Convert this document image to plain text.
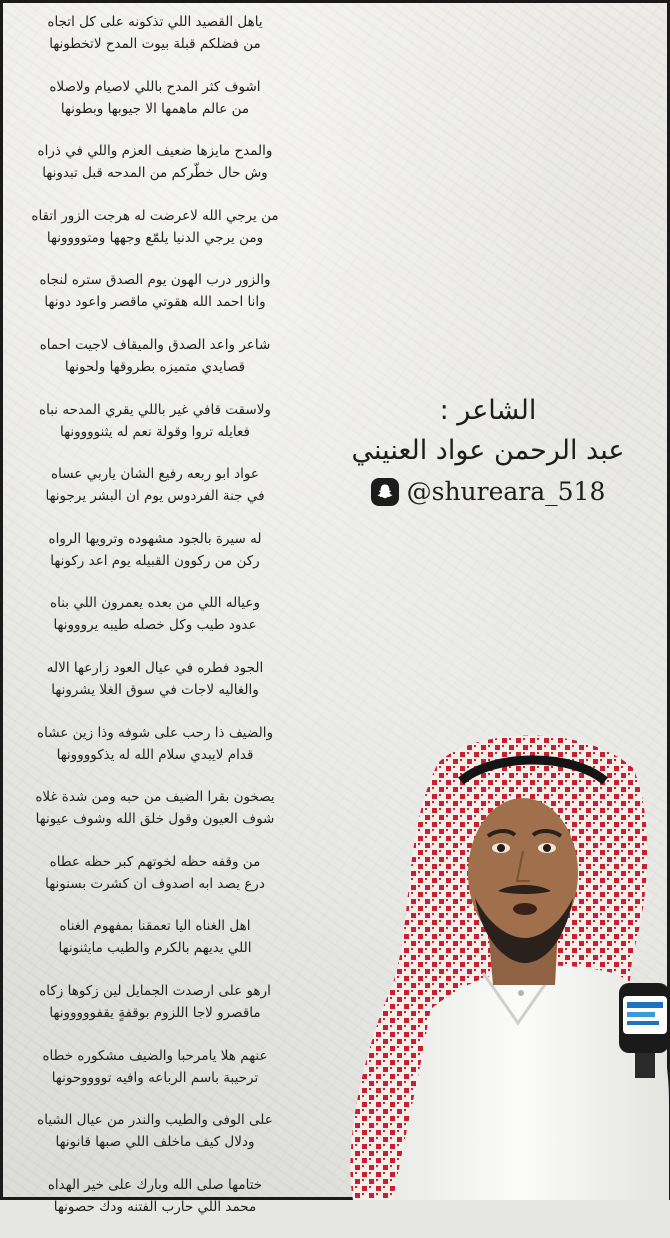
ياهل القصيد اللي تذكونه على كل اتجاه
من فضلكم قبلة بيوت المدح لاتخطونها
اشوف كثر المدح باللي لاصيام ولاصلاه
من عالم ماهمها الا جيوبها وبطونها
والمدح مايزها ضعيف العزم واللي في ذراه
وش حال خطّركم من المدحه قبل تبدونها
من يرجي الله لاعرضت له هرجت الزور اتقاه
ومن يرجي الدنيا يلمّع وجهها ومتوووونها
والزور درب الهون يوم الصدق ستره لنجاه
وانا احمد الله هقوتي ماقصر واعود دونها
شاعر واعد الصدق والميقاف لاجيت احماه
قصايدي متميزه بطروقها ولحونها
ولاسقت قافي غير باللي يقري المدحه نباه
فعايله تروا وقولة نعم له يثنوووونها
عواد ابو ربعه رفيع الشان ياربي عساه
في جنة الفردوس يوم ان البشر يرجونها
له سيرة بالجود مشهوده وترويها الرواه
ركن من ركوون القبيله يوم اعد ركونها
وعياله اللي من بعده يعمرون اللي بناه
عدود طيب وكل خصله طيبه يرووونها
الجود فطره في عيال العود زارعها الاله
والغاليه لاجات في سوق الغلا يشرونها
والضيف ذا رحب على شوفه وذا زين عشاه
قدام لايبدي سلام الله له يذكوووونها
يصخون بقرا الضيف من حبه ومن شدة غلاه
شوف العيون وقول خلق الله وشوف عيونها
من وقفه حظه لخوتهم كبر حظه عطاه
درع يصد ابه اصدوف ان كشرت بسنونها
اهل الغناه اليا تعمقنا بمفهوم الغناه
اللي يديهم بالكرم والطيب مايثنونها
ارهو على ارصدت الجمايل لين زكوها زكاه
ماقصرو لاجا اللزوم بوقفةٍ يقفووووونها
عنهم هلا يامرحبا والضيف مشكوره خطاه
ترحيبة باسم الرباعه وافيه تووووحونها
على الوفى والطيب والندر من عيال الشياه
ودلال كيف ماخلف اللي صبها قانونها
ختامها صلى الله وبارك على خير الهداه
محمد اللي حارب الفتنه ودك حصونها
الشاعر :
عبد الرحمن عواد العنيني
@shureara_518
